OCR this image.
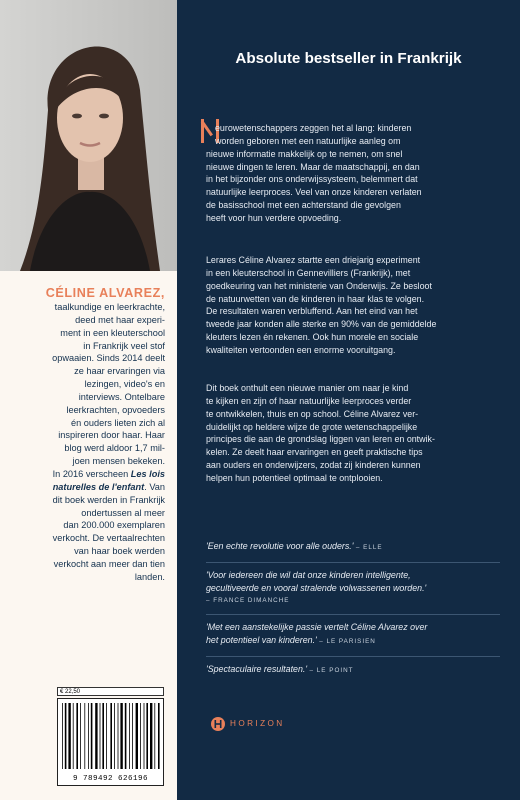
CÉLINE ALVAREZ,
taalkundige en leerkrachte,
deed met haar experi-
ment in een kleuterschool
in Frankrijk veel stof
opwaaien. Sinds 2014 deelt
ze haar ervaringen via
lezingen, video's en
interviews. Ontelbare
leerkrachten, opvoeders
én ouders lieten zich al
inspireren door haar. Haar
blog werd aldoor 1,7 mil-
joen mensen bekeken.
In 2016 verscheen Les lois
naturelles de l'enfant. Van
dit boek werden in Frankrijk
ondertussen al meer
dan 200.000 exemplaren
verkocht. De vertaalrechten
van haar boek werden
verkocht aan meer dan tien
landen.
€ 22,50
9 789492 626196
Absolute bestseller in Frankrijk
eurowetenschappers zeggen het al lang: kinderen
worden geboren met een natuurlijke aanleg om
nieuwe informatie makkelijk op te nemen, om snel
nieuwe dingen te leren. Maar de maatschappij, en dan
in het bijzonder ons onderwijssysteem, belemmert dat
natuurlijke leerproces. Veel van onze kinderen verlaten
de basisschool met een achterstand die gevolgen
heeft voor hun verdere opvoeding.
Lerares Céline Alvarez startte een driejarig experiment
in een kleuterschool in Gennevilliers (Frankrijk), met
goedkeuring van het ministerie van Onderwijs. Ze besloot
de natuurwetten van de kinderen in haar klas te volgen.
De resultaten waren verbluffend. Aan het eind van het
tweede jaar konden alle sterke en 90% van de gemiddelde
kleuters lezen én rekenen. Ook hun morele en sociale
kwaliteiten vertoonden een enorme vooruitgang.
Dit boek onthult een nieuwe manier om naar je kind
te kijken en zijn of haar natuurlijke leerproces verder
te ontwikkelen, thuis en op school. Céline Alvarez ver-
duidelijkt op heldere wijze de grote wetenschappelijke
principes die aan de grondslag liggen van leren en ontwik-
kelen. Ze deelt haar ervaringen en geeft praktische tips
aan ouders en onderwijzers, zodat zij kinderen kunnen
helpen hun potentieel optimaal te ontplooien.
'Een echte revolutie voor alle ouders.' – ELLE
'Voor iedereen die wil dat onze kinderen intelligente,
gecultiveerde en vooral stralende volwassenen worden.'
– FRANCE DIMANCHE
'Met een aanstekelijke passie vertelt Céline Alvarez over
het potentieel van kinderen.' – LE PARISIEN
'Spectaculaire resultaten.' – LE POINT
HORIZON
